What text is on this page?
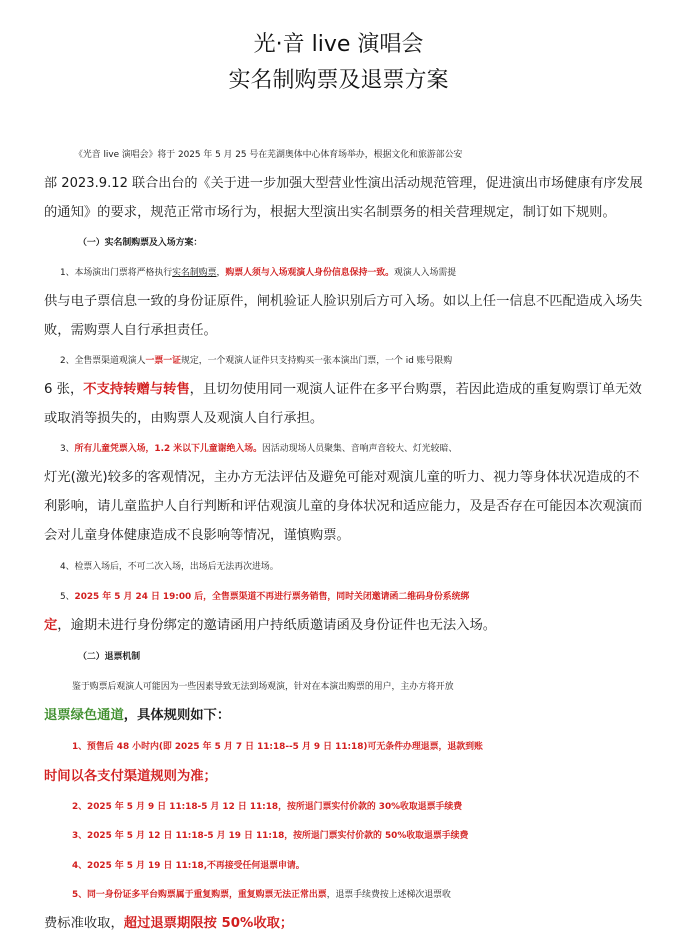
光·音 live 演唱会
实名制购票及退票方案
《光音 live 演唱会》将于 2025 年 5 月 25 号在芜湖奥体中心体育场举办，根据文化和旅游部公安
部 2023.9.12 联合出台的《关于进一步加强大型营业性演出活动规范管理，促进演出市场健康有序发展
的通知》的要求，规范正常市场行为，根据大型演出实名制票务的相关营理规定，制订如下规则。
（一）实名制购票及入场方案：
1、本场演出门票将严格执行实名制购票，购票人须与入场观演人身份信息保持一致。观演人入场需提
供与电子票信息一致的身份证原件，闸机验证人脸识别后方可入场。如以上任一信息不匹配造成入场失
败，需购票人自行承担责任。
2、全售票渠道观演人一票一证规定，一个观演人证件只支持购买一张本演出门票，一个 id 账号限购
6 张，不支持转赠与转售，且切勿使用同一观演人证件在多平台购票，若因此造成的重复购票订单无效
或取消等损失的，由购票人及观演人自行承担。
3、所有儿童凭票入场，1.2 米以下儿童谢绝入场。因活动现场人员聚集、音响声音较大、灯光较暗、
灯光(激光)较多的客观情况，主办方无法评估及避免可能对观演儿童的听力、视力等身体状况造成的不
利影响，请儿童监护人自行判断和评估观演儿童的身体状况和适应能力，及是否存在可能因本次观演而
会对儿童身体健康造成不良影响等情况，谨慎购票。
4、检票入场后，不可二次入场，出场后无法再次进场。
5、2025 年 5 月 24 日 19:00 后，全售票渠道不再进行票务销售，同时关闭邀请函二维码身份系统绑
定，逾期未进行身份绑定的邀请函用户持纸质邀请函及身份证件也无法入场。
（二）退票机制
鉴于购票后观演人可能因为一些因素导致无法到场观演，针对在本演出购票的用户，主办方将开放
退票绿色通道，具体规则如下：
1、预售后 48 小时内(即 2025 年 5 月 7 日 11:18--5 月 9 日 11:18)可无条件办理退票，退款到账
时间以各支付渠道规则为准；
2、2025 年 5 月 9 日 11:18-5 月 12 日 11:18，按所退门票实付价款的 30%收取退票手续费
3、2025 年 5 月 12 日 11:18-5 月 19 日 11:18，按所退门票实付价款的 50%收取退票手续费
4、2025 年 5 月 19 日 11:18,不再接受任何退票申请。
5、同一身份证多平台购票属于重复购票，重复购票无法正常出票，退票手续费按上述梯次退票收
费标准收取，超过退票期限按 50%收取；
